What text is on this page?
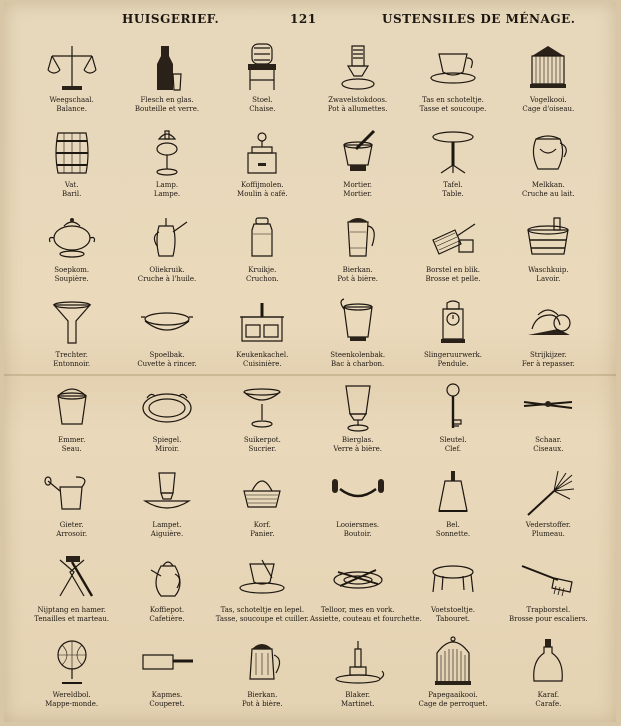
HUISGERIEF.	121	USTENSILES DE MÉNAGE.
Weegschaal.
Balance.
Flesch en glas.
Bouteille et verre.
Stoel.
Chaise.
Zwavelstokdoos.
Pot à allumettes.
Tas en schoteltje.
Tasse et soucoupe.
Vogelkooi.
Cage d'oiseau.
Vat.
Baril.
Lamp.
Lampe.
Koffijmolen.
Moulin à café.
Mortier.
Mortier.
Tafel.
Table.
Melkkan.
Cruche au lait.
Soepkom.
Soupière.
Oliekruik.
Cruche à l'huile.
Kruikje.
Cruchon.
Bierkan.
Pot à bière.
Borstel en blik.
Brosse et pelle.
Waschkuip.
Lavoir.
Trechter.
Entonnoir.
Spoelbak.
Cuvette à rincer.
Keukenkachel.
Cuisinière.
Steenkolenbak.
Bac à charbon.
Slingeruurwerk.
Pendule.
Strijkijzer.
Fer à repasser.
Emmer.
Seau.
Spiegel.
Miroir.
Suikerpot.
Sucrier.
Bierglas.
Verre à bière.
Sleutel.
Clef.
Schaar.
Ciseaux.
Gieter.
Arrosoir.
Lampet.
Aiguière.
Korf.
Panier.
Looiersmes.
Boutoir.
Bel.
Sonnette.
Vederstoffer.
Plumeau.
Nijptang en hamer.
Tenailles et marteau.
Koffiepot.
Cafetière.
Tas, schoteltje en lepel.
Tasse, soucoupe et cuiller.
Telloor, mes en vork.
Assiette, couteau et fourchette.
Voetstoeltje.
Tabouret.
Trapborstel.
Brosse pour escaliers.
Wereldbol.
Mappe-monde.
Kapmes.
Couperet.
Bierkan.
Pot à bière.
Blaker.
Martinet.
Papegaaikooi.
Cage de perroquet.
Karaf.
Carafe.
